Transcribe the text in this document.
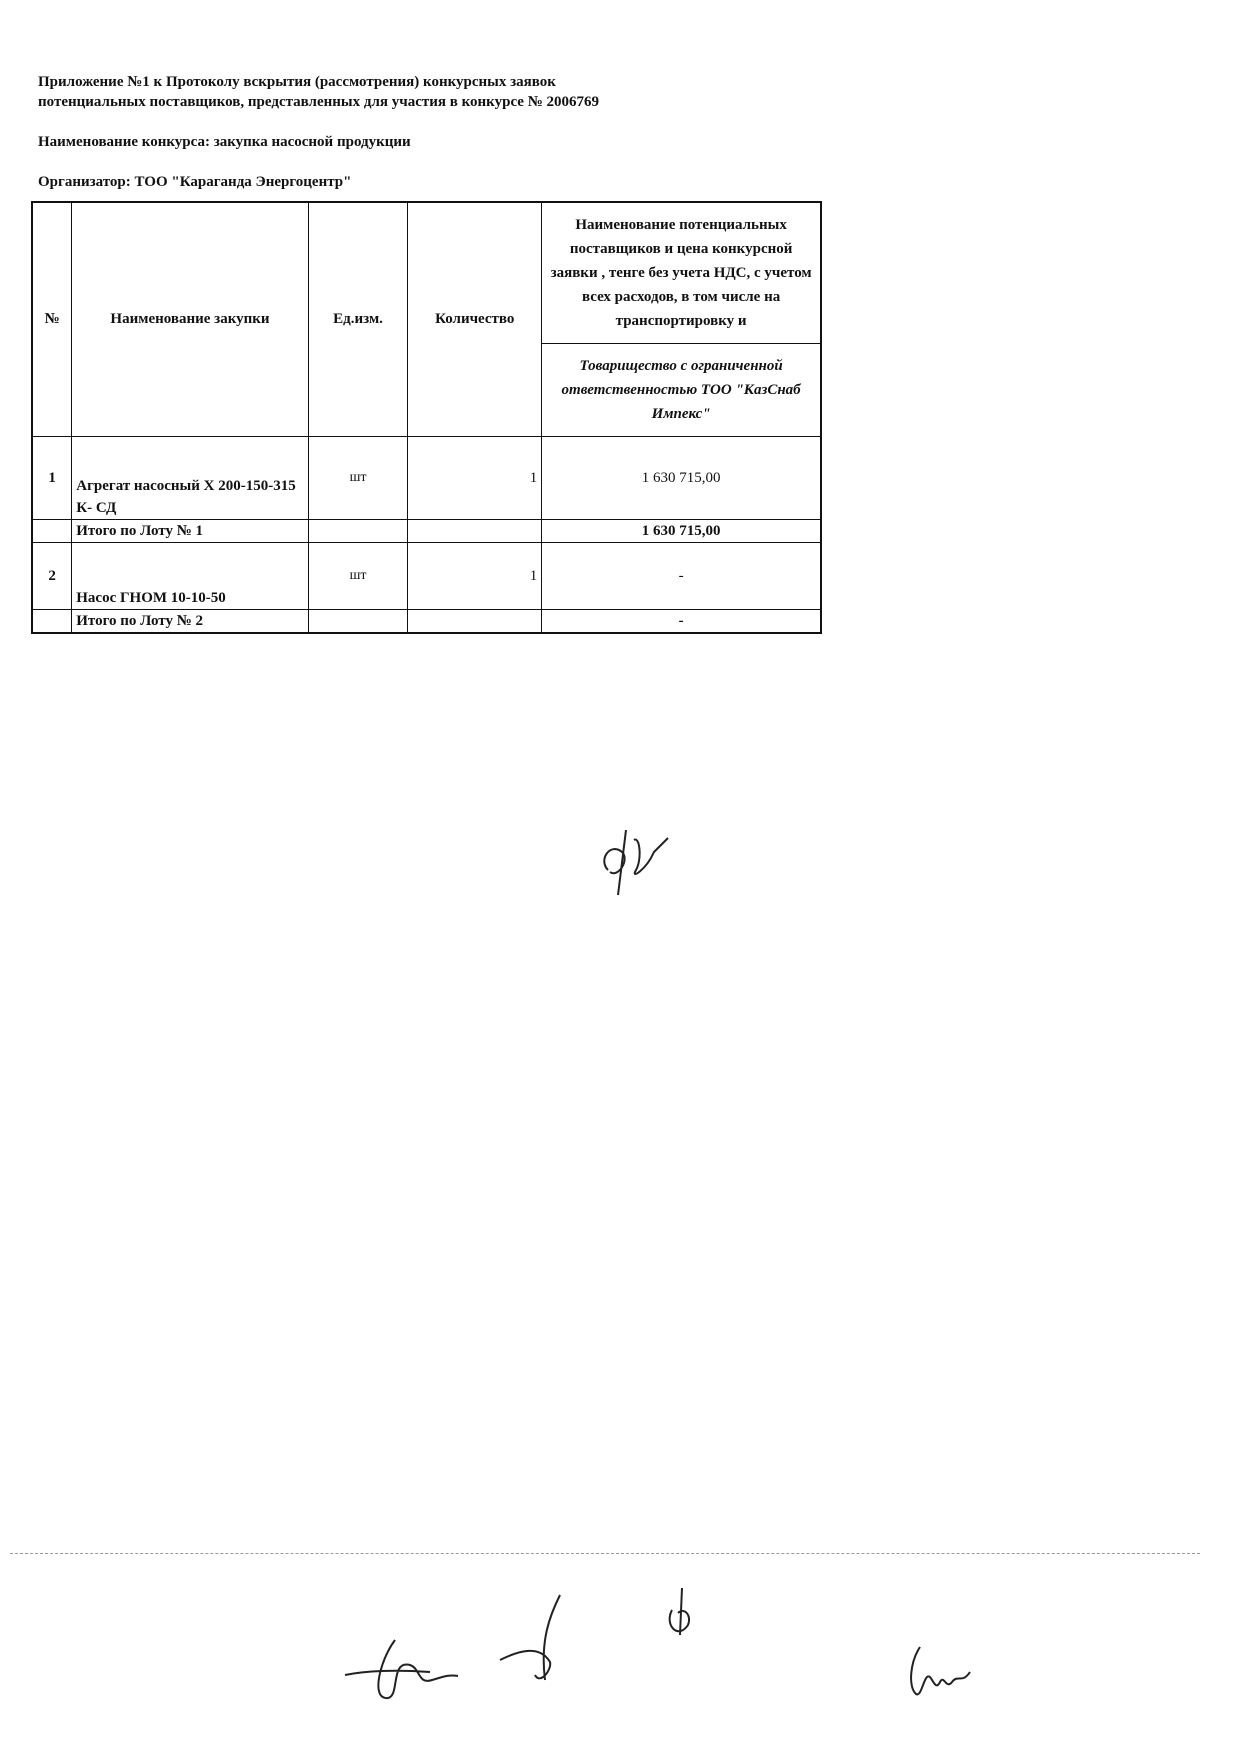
Приложение №1 к Протоколу вскрытия (рассмотрения) конкурсных заявок
потенциальных поставщиков, представленных для участия в конкурсе № 2006769
Наименование конкурса: закупка насосной продукции
Организатор: ТОО "Караганда Энергоцентр"
№	Наименование закупки	Ед.изм.	Количество	Наименование потенциальных поставщиков и цена конкурсной заявки , тенге без учета НДС, с учетом всех расходов, в том числе на транспортировку и
				Товарищество с ограниченной ответственностью ТОО "КазСнаб Импекс"
1	Агрегат насосный Х 200-150-315 К- СД	шт	1	1 630 715,00
	Итого по Лоту № 1			1 630 715,00
2	Насос ГНОМ 10-10-50	шт	1	-
	Итого по Лоту № 2			-
